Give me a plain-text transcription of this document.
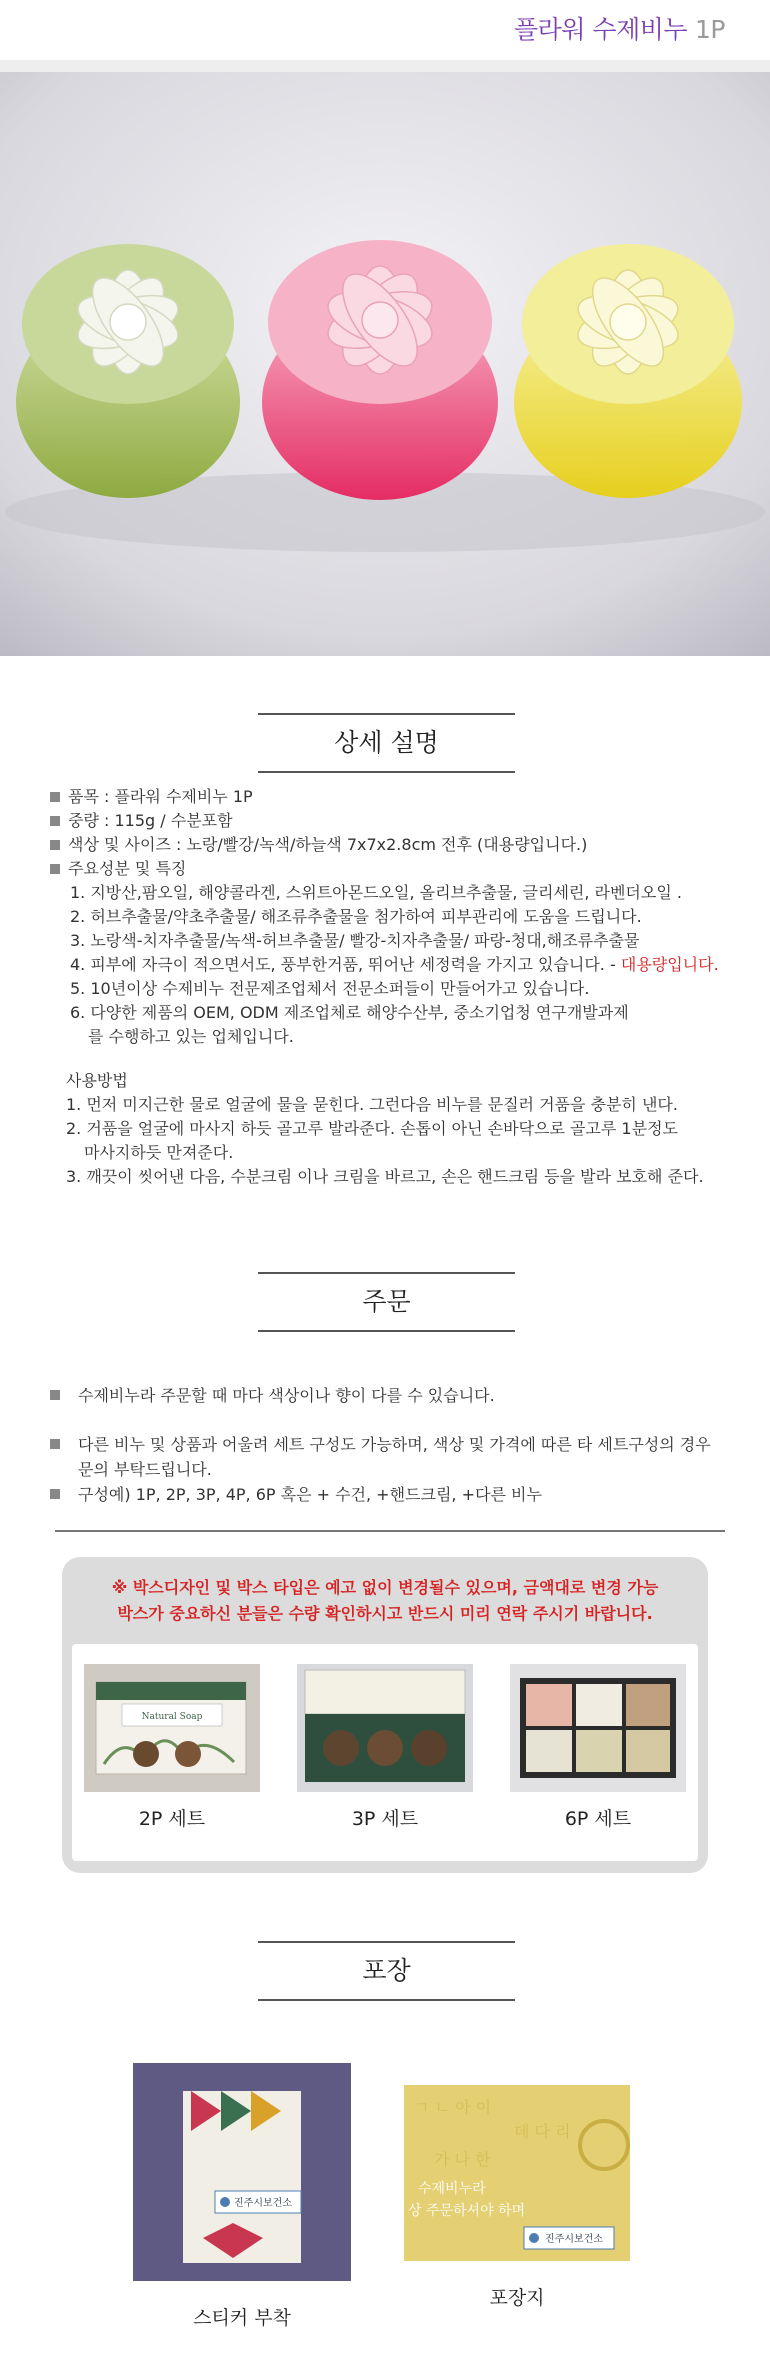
플라워 수제비누 1P
상세 설명
품목 : 플라워 수제비누 1P
중량 : 115g / 수분포함
색상 및 사이즈 : 노랑/빨강/녹색/하늘색 7x7x2.8cm 전후 (대용량입니다.)
주요성분 및 특징
1. 지방산,팜오일, 해양콜라겐, 스위트아몬드오일, 올리브추출물, 글리세린, 라벤더오일 .
2. 허브추출물/약초추출물/ 해조류추출물을 첨가하여 피부관리에 도움을 드립니다.
3. 노랑색-치자추출물/녹색-허브추출물/ 빨강-치자추출물/ 파랑-청대,해조류추출물
4. 피부에 자극이 적으면서도, 풍부한거품, 뛰어난 세정력을 가지고 있습니다. - 대용량입니다.
5. 10년이상 수제비누 전문제조업체서 전문소퍼들이 만들어가고 있습니다.
6. 다양한 제품의 OEM, ODM 제조업체로 해양수산부, 중소기업청 연구개발과제
를 수행하고 있는 업체입니다.
사용방법
1. 먼저 미지근한 물로 얼굴에 물을 묻힌다. 그런다음 비누를 문질러 거품을 충분히 낸다.
2. 거품을 얼굴에 마사지 하듯 골고루 발라준다. 손톱이 아닌 손바닥으로 골고루 1분정도
마사지하듯 만져준다.
3. 깨끗이 씻어낸 다음, 수분크림 이나 크림을 바르고, 손은 핸드크림 등을 발라 보호해 준다.
주문
수제비누라 주문할 때 마다 색상이나 향이 다를 수 있습니다.
다른 비누 및 상품과 어울려 세트 구성도 가능하며, 색상 및 가격에 따른 타 세트구성의 경우
문의 부탁드립니다.
구성예) 1P, 2P, 3P, 4P, 6P 혹은 + 수건, +핸드크림, +다른 비누
※ 박스디자인 및 박스 타입은 예고 없이 변경될수 있으며, 금액대로 변경 가능
박스가 중요하신 분들은 수량 확인하시고 반드시 미리 연락 주시기 바랍니다.
Natural Soap
2P 세트	3P 세트	6P 세트
포장
진주시보건소
스티커 부착
ㄱ ㄴ 아 이
데 다 리
가 나 한
수제비누라
상 주문하셔야 하며
진주시보건소
포장지
